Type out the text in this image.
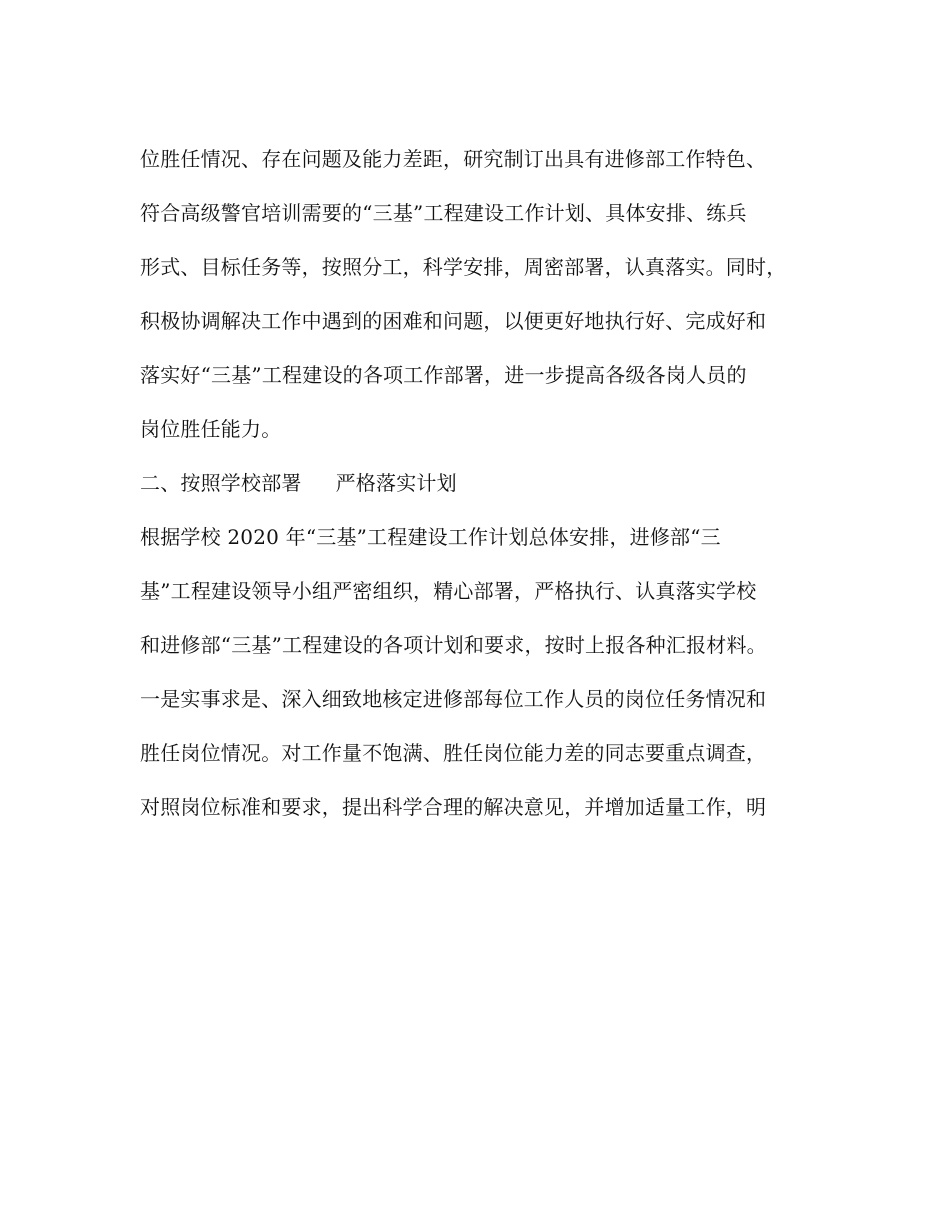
位胜任情况、存在问题及能力差距，研究制订出具有进修部工作特色、
符合高级警官培训需要的“三基”工程建设工作计划、具体安排、练兵
形式、目标任务等，按照分工，科学安排，周密部署，认真落实。同时，
积极协调解决工作中遇到的困难和问题，以便更好地执行好、完成好和
落实好“三基”工程建设的各项工作部署，进一步提高各级各岗人员的
岗位胜任能力。
二、按照学校部署 严格落实计划
根据学校 2020 年“三基”工程建设工作计划总体安排，进修部“三
基”工程建设领导小组严密组织，精心部署，严格执行、认真落实学校
和进修部“三基”工程建设的各项计划和要求，按时上报各种汇报材料。
一是实事求是、深入细致地核定进修部每位工作人员的岗位任务情况和
胜任岗位情况。对工作量不饱满、胜任岗位能力差的同志要重点调查，
对照岗位标准和要求，提出科学合理的解决意见，并增加适量工作，明
